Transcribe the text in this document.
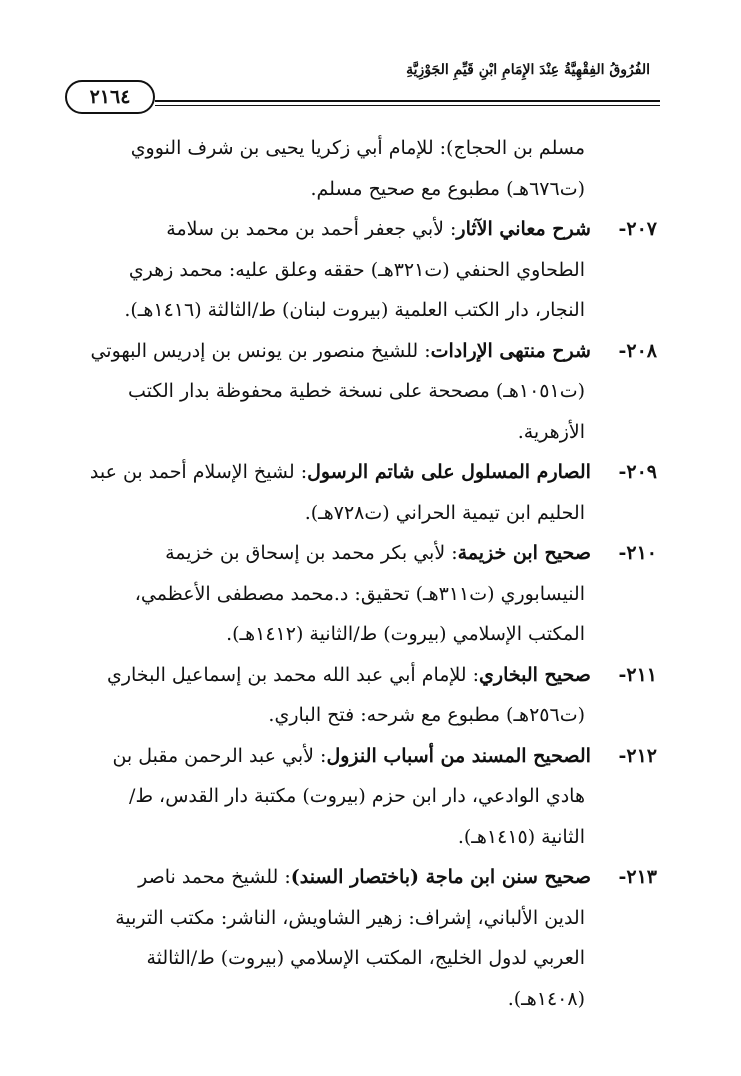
الفُرُوقُ الفِقْهِيَّةُ عِنْدَ الإِمَامِ ابْنِ قَيِّمِ الجَوْزِيَّةِ
٢١٦٤
مسلم بن الحجاج): للإمام أبي زكريا يحيى بن شرف النووي
(ت٦٧٦هـ) مطبوع مع صحيح مسلم.
٢٠٧- شرح معاني الآثار: لأبي جعفر أحمد بن محمد بن سلامة
الطحاوي الحنفي (ت٣٢١هـ) حققه وعلق عليه: محمد زهري
النجار، دار الكتب العلمية (بيروت لبنان) ط/الثالثة (١٤١٦هـ).
٢٠٨- شرح منتهى الإرادات: للشيخ منصور بن يونس بن إدريس البهوتي
(ت١٠٥١هـ) مصححة على نسخة خطية محفوظة بدار الكتب
الأزهرية.
٢٠٩- الصارم المسلول على شاتم الرسول: لشيخ الإسلام أحمد بن عبد
الحليم ابن تيمية الحراني (ت٧٢٨هـ).
٢١٠- صحيح ابن خزيمة: لأبي بكر محمد بن إسحاق بن خزيمة
النيسابوري (ت٣١١هـ) تحقيق: د.محمد مصطفى الأعظمي،
المكتب الإسلامي (بيروت) ط/الثانية (١٤١٢هـ).
٢١١- صحيح البخاري: للإمام أبي عبد الله محمد بن إسماعيل البخاري
(ت٢٥٦هـ) مطبوع مع شرحه: فتح الباري.
٢١٢- الصحيح المسند من أسباب النزول: لأبي عبد الرحمن مقبل بن
هادي الوادعي، دار ابن حزم (بيروت) مكتبة دار القدس، ط/
الثانية (١٤١٥هـ).
٢١٣- صحيح سنن ابن ماجة (باختصار السند): للشيخ محمد ناصر
الدين الألباني، إشراف: زهير الشاويش، الناشر: مكتب التربية
العربي لدول الخليج، المكتب الإسلامي (بيروت) ط/الثالثة
(١٤٠٨هـ).
